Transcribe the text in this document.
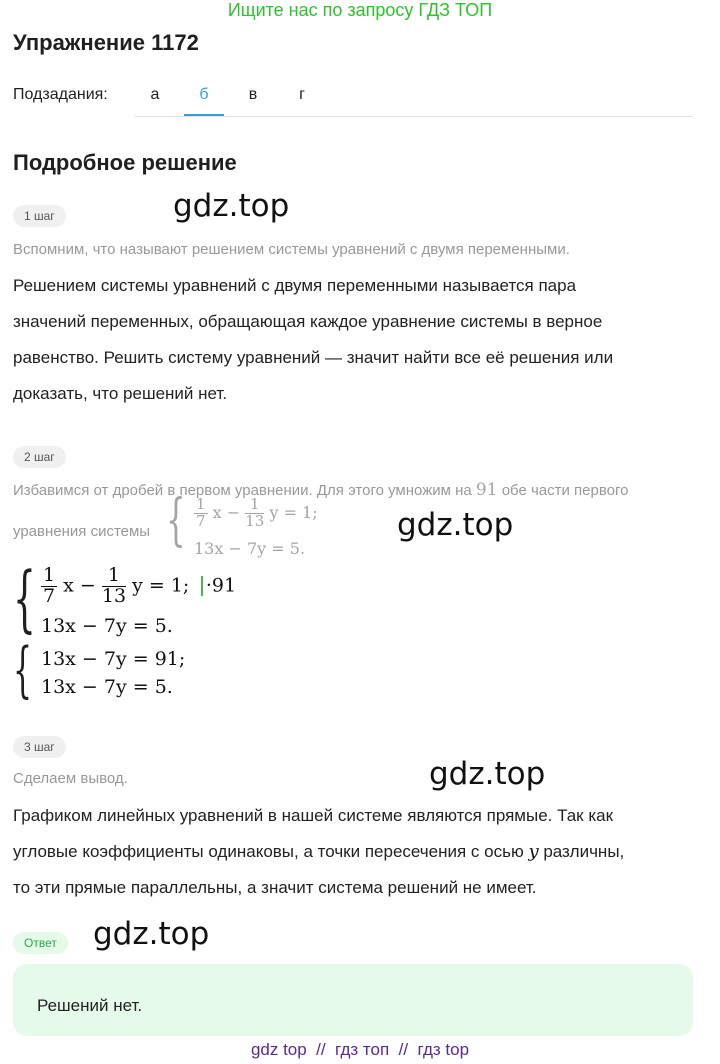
Ищите нас по запросу ГДЗ ТОП
Упражнение 1172
Подзадания:	а	б	в	г
Подробное решение
1 шаг	gdz.top
Вспомним, что называют решением системы уравнений с двумя переменными.
Решением системы уравнений с двумя переменными называется пара
значений переменных, обращающая каждое уравнение системы в верное
равенство. Решить систему уравнений — значит найти все её решения или
доказать, что решений нет.
2 шаг
Избавимся от дробей в первом уравнении. Для этого умножим на 91 обе части первого
уравнения системы { $\frac{1}{7}$ $x - \frac{1}{13}$ y = 1;
13x − 7y = 5.
gdz.top
{ $\frac{1}{7}$ $x - \frac{1}{13}$ y = 1; ·91
13x − 7y = 5.
{ 13x − 7y = 91;
13x − 7y = 5.
3 шаг
gdz.top
Сделаем вывод.
Графиком линейных уравнений в нашей системе являются прямые. Так как
угловые коэффициенты одинаковы, а точки пересечения с осью y различны,
то эти прямые параллельны, а значит система решений не имеет.
Ответ	gdz.top
Решений нет.
gdz top  //  гдз топ  //  гдз top
